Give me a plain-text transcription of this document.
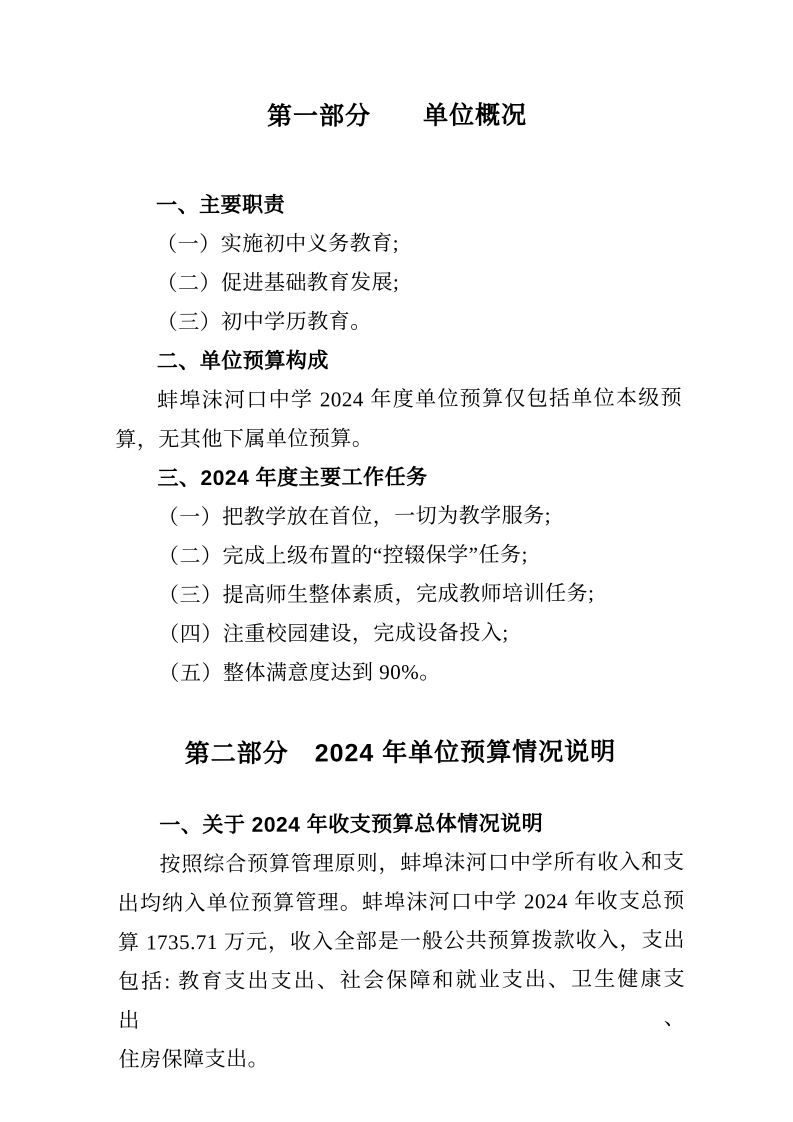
第一部分　　单位概况
一、主要职责

（一）实施初中义务教育;

（二）促进基础教育发展;

（三）初中学历教育。

二、单位预算构成

蚌埠沫河口中学 2024 年度单位预算仅包括单位本级预

算，无其他下属单位预算。

三、2024 年度主要工作任务

（一）把教学放在首位，一切为教学服务;

（二）完成上级布置的“控辍保学”任务;

（三）提高师生整体素质，完成教师培训任务;

（四）注重校园建设，完成设备投入;

（五）整体满意度达到 90%。

第二部分　2024 年单位预算情况说明
一、关于 2024 年收支预算总体情况说明

按照综合预算管理原则，蚌埠沫河口中学所有收入和支

出均纳入单位预算管理。蚌埠沫河口中学 2024 年收支总预

算 1735.71 万元，收入全部是一般公共预算拨款收入，支出

包括: 教育支出支出、社会保障和就业支出、卫生健康支出、

住房保障支出。
